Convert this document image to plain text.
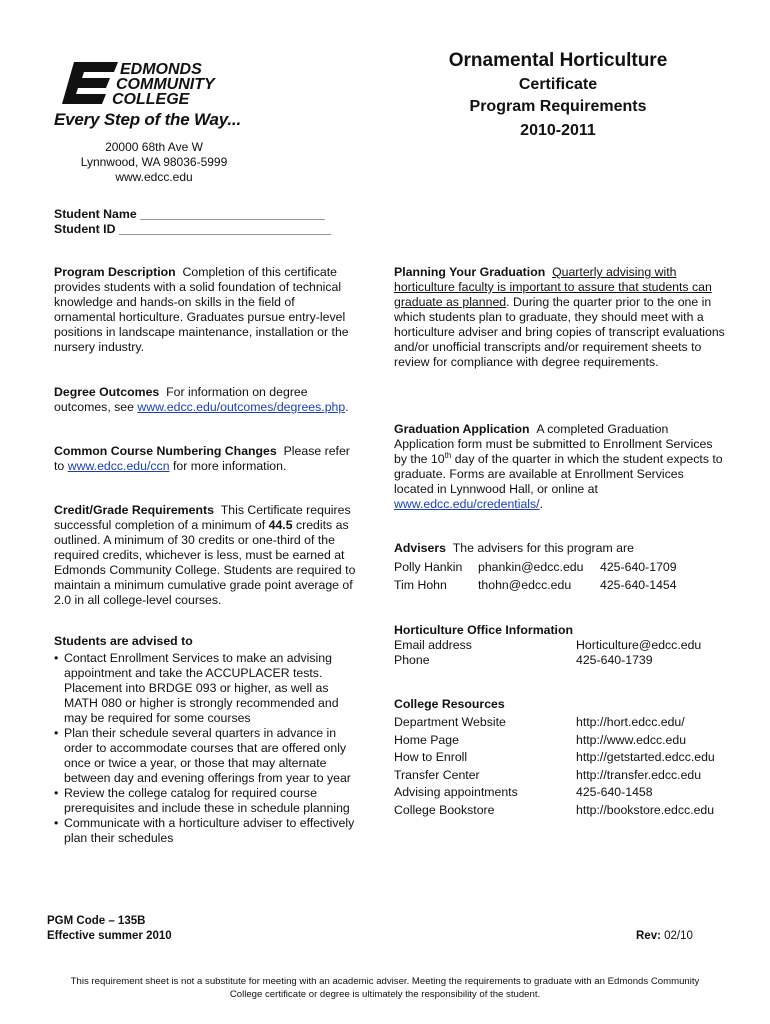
EDMONDS
COMMUNITY
COLLEGE
Every Step of the Way...
20000 68th Ave W
Lynnwood, WA 98036-5999
www.edcc.edu
Ornamental Horticulture
Certificate
Program Requirements
2010-2011
Student Name ___________________________
Student ID _______________________________

Program Description Completion of this certificate provides students with a solid foundation of technical knowledge and hands-on skills in the field of ornamental horticulture. Graduates pursue entry-level positions in landscape maintenance, installation or the nursery industry.

Degree Outcomes For information on degree outcomes, see www.edcc.edu/outcomes/degrees.php.

Common Course Numbering Changes Please refer to www.edcc.edu/ccn for more information.

Credit/Grade Requirements This Certificate requires successful completion of a minimum of 44.5 credits as outlined. A minimum of 30 credits or one-third of the required credits, whichever is less, must be earned at Edmonds Community College. Students are required to maintain a minimum cumulative grade point average of 2.0 in all college-level courses.

Students are advised to

• Contact Enrollment Services to make an advising appointment and take the ACCUPLACER tests. Placement into BRDGE 093 or higher, as well as MATH 080 or higher is strongly recommended and may be required for some courses
• Plan their schedule several quarters in advance in order to accommodate courses that are offered only once or twice a year, or those that may alternate between day and evening offerings from year to year
• Review the college catalog for required course prerequisites and include these in schedule planning
• Communicate with a horticulture adviser to effectively plan their schedules

Planning Your Graduation Quarterly advising with horticulture faculty is important to assure that students can graduate as planned. During the quarter prior to the one in which students plan to graduate, they should meet with a horticulture adviser and bring copies of transcript evaluations and/or unofficial transcripts and/or requirement sheets to review for compliance with degree requirements.

Graduation Application A completed Graduation Application form must be submitted to Enrollment Services by the 10th day of the quarter in which the student expects to graduate. Forms are available at Enrollment Services located in Lynnwood Hall, or online at www.edcc.edu/credentials/.

Advisers The advisers for this program are

Polly Hankin	phankin@edcc.edu	425-640-1709
Tim Hohn	thohn@edcc.edu	425-640-1454

Horticulture Office Information

Email address	Horticulture@edcc.edu
Phone	425-640-1739

College Resources

Department Website	http://hort.edcc.edu/
Home Page	http://www.edcc.edu
How to Enroll	http://getstarted.edcc.edu
Transfer Center	http://transfer.edcc.edu
Advising appointments	425-640-1458
College Bookstore	http://bookstore.edcc.edu
PGM Code – 135B
Effective summer 2010	Rev: 02/10
This requirement sheet is not a substitute for meeting with an academic adviser. Meeting the requirements to graduate with an Edmonds Community College certificate or degree is ultimately the responsibility of the student.
